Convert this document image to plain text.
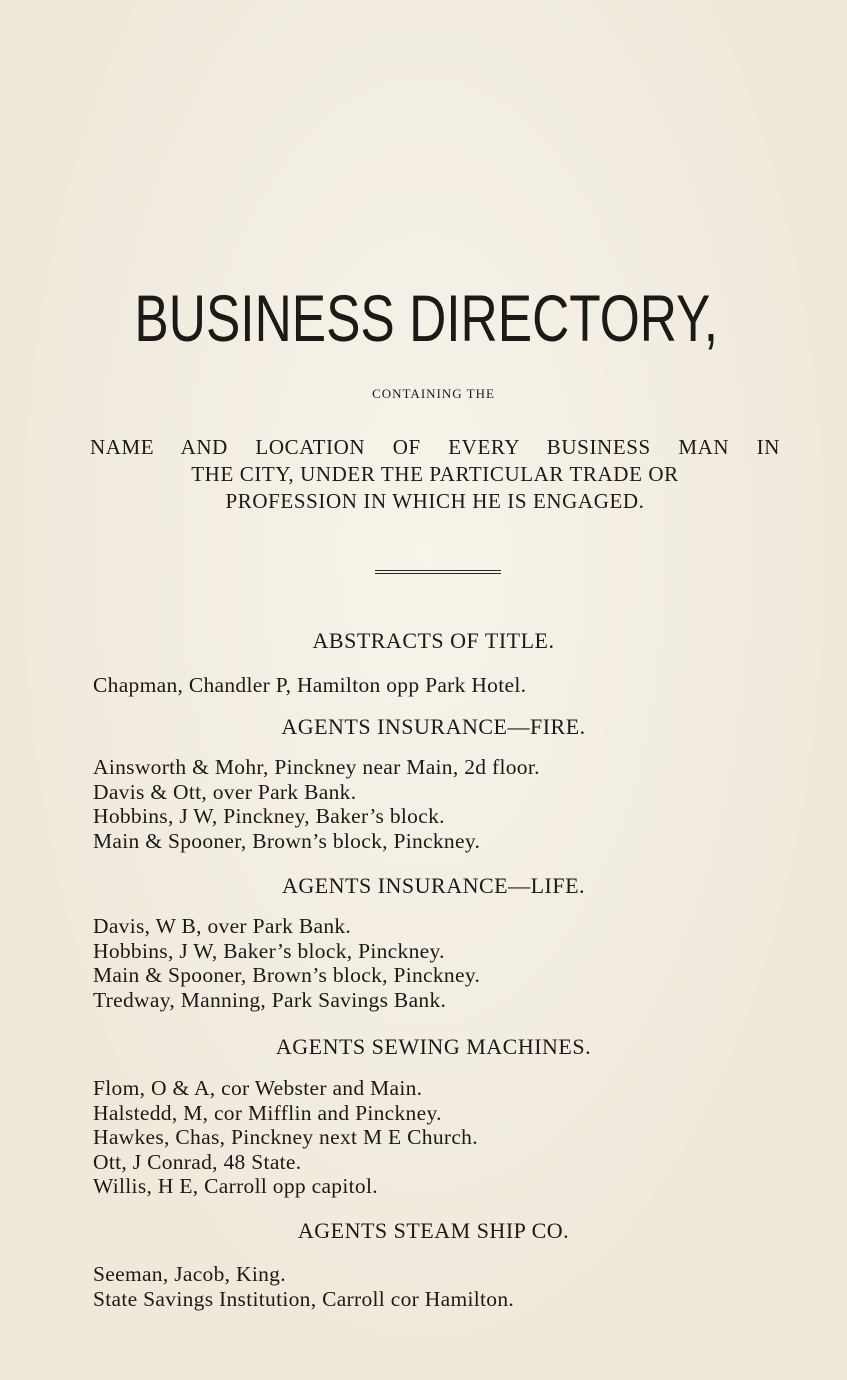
BUSINESS DIRECTORY,
CONTAINING THE
NAME AND LOCATION OF EVERY BUSINESS MAN IN
THE CITY, UNDER THE PARTICULAR TRADE OR
PROFESSION IN WHICH HE IS ENGAGED.
ABSTRACTS OF TITLE.
Chapman, Chandler P, Hamilton opp Park Hotel.
AGENTS INSURANCE—FIRE.
Ainsworth & Mohr, Pinckney near Main, 2d floor.
Davis & Ott, over Park Bank.
Hobbins, J W, Pinckney, Baker’s block.
Main & Spooner, Brown’s block, Pinckney.
AGENTS INSURANCE—LIFE.
Davis, W B, over Park Bank.
Hobbins, J W, Baker’s block, Pinckney.
Main & Spooner, Brown’s block, Pinckney.
Tredway, Manning, Park Savings Bank.
AGENTS SEWING MACHINES.
Flom, O & A, cor Webster and Main.
Halstedd, M, cor Mifflin and Pinckney.
Hawkes, Chas, Pinckney next M E Church.
Ott, J Conrad, 48 State.
Willis, H E, Carroll opp capitol.
AGENTS STEAM SHIP CO.
Seeman, Jacob, King.
State Savings Institution, Carroll cor Hamilton.
